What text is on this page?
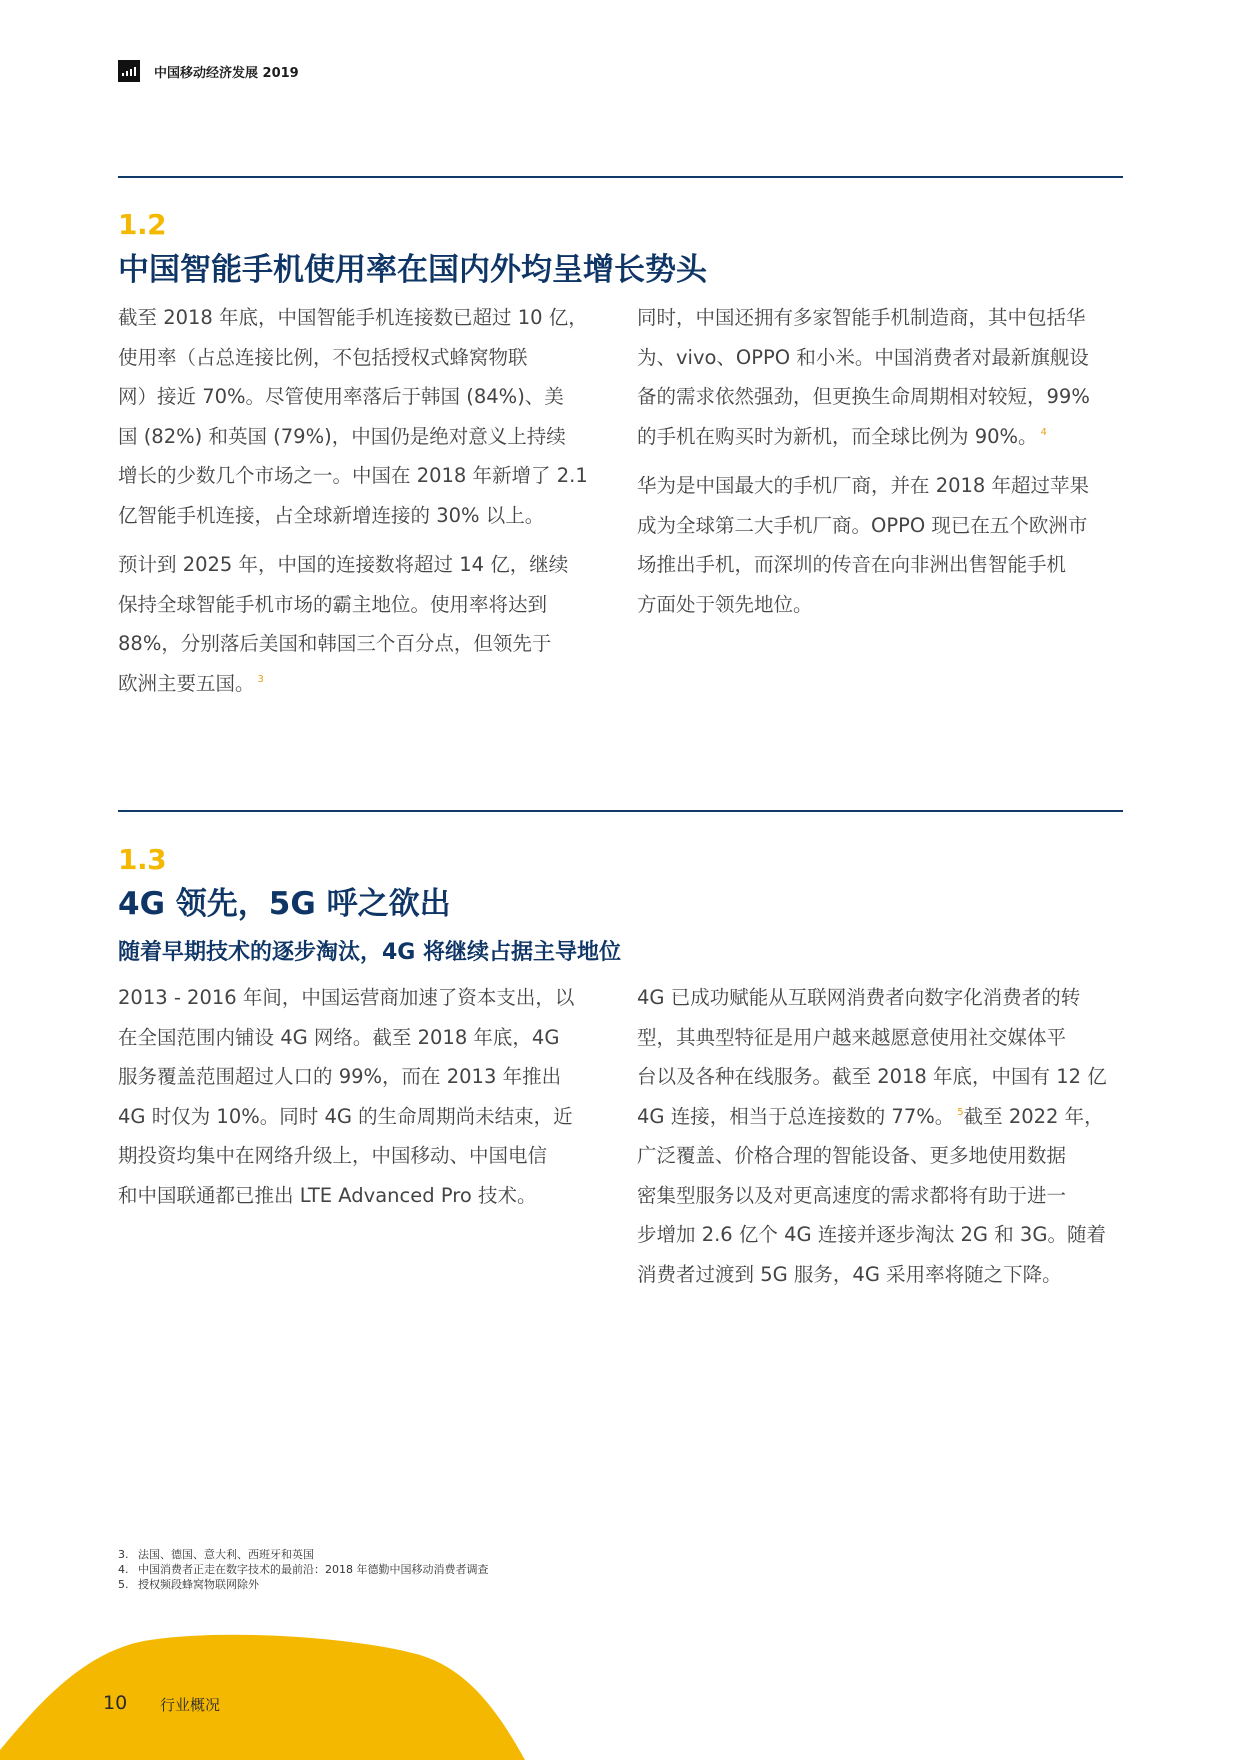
中国移动经济发展 2019
1.2
中国智能手机使用率在国内外均呈增长势头

截至 2018 年底，中国智能手机连接数已超过 10 亿，
使用率（占总连接比例，不包括授权式蜂窝物联
网）接近 70%。尽管使用率落后于韩国 (84%)、美
国 (82%) 和英国 (79%)，中国仍是绝对意义上持续
增长的少数几个市场之一。中国在 2018 年新增了 2.1
亿智能手机连接，占全球新增连接的 30% 以上。

预计到 2025 年，中国的连接数将超过 14 亿，继续
保持全球智能手机市场的霸主地位。使用率将达到
88%，分别落后美国和韩国三个百分点，但领先于
欧洲主要五国。 $^3$

同时，中国还拥有多家智能手机制造商，其中包括华
为、vivo、OPPO 和小米。中国消费者对最新旗舰设
备的需求依然强劲，但更换生命周期相对较短，99%
的手机在购买时为新机，而全球比例为 90%。 $^4$

华为是中国最大的手机厂商，并在 2018 年超过苹果
成为全球第二大手机厂商。OPPO 现已在五个欧洲市
场推出手机，而深圳的传音在向非洲出售智能手机
方面处于领先地位。

1.3
4G 领先，5G 呼之欲出
随着早期技术的逐步淘汰，4G 将继续占据主导地位

2013 - 2016 年间，中国运营商加速了资本支出，以
在全国范围内铺设 4G 网络。截至 2018 年底，4G
服务覆盖范围超过人口的 99%，而在 2013 年推出
4G 时仅为 10%。同时 4G 的生命周期尚未结束，近
期投资均集中在网络升级上，中国移动、中国电信
和中国联通都已推出 LTE Advanced Pro 技术。

4G 已成功赋能从互联网消费者向数字化消费者的转
型，其典型特征是用户越来越愿意使用社交媒体平
台以及各种在线服务。截至 2018 年底，中国有 12 亿
4G 连接，相当于总连接数的 77%。 $^5$截至 2022 年，
广泛覆盖、价格合理的智能设备、更多地使用数据
密集型服务以及对更高速度的需求都将有助于进一
步增加 2.6 亿个 4G 连接并逐步淘汰 2G 和 3G。随着
消费者过渡到 5G 服务，4G 采用率将随之下降。

3. 法国、德国、意大利、西班牙和英国
4. 中国消费者正走在数字技术的最前沿：2018 年德勤中国移动消费者调查
5. 授权频段蜂窝物联网除外
10 行业概况
